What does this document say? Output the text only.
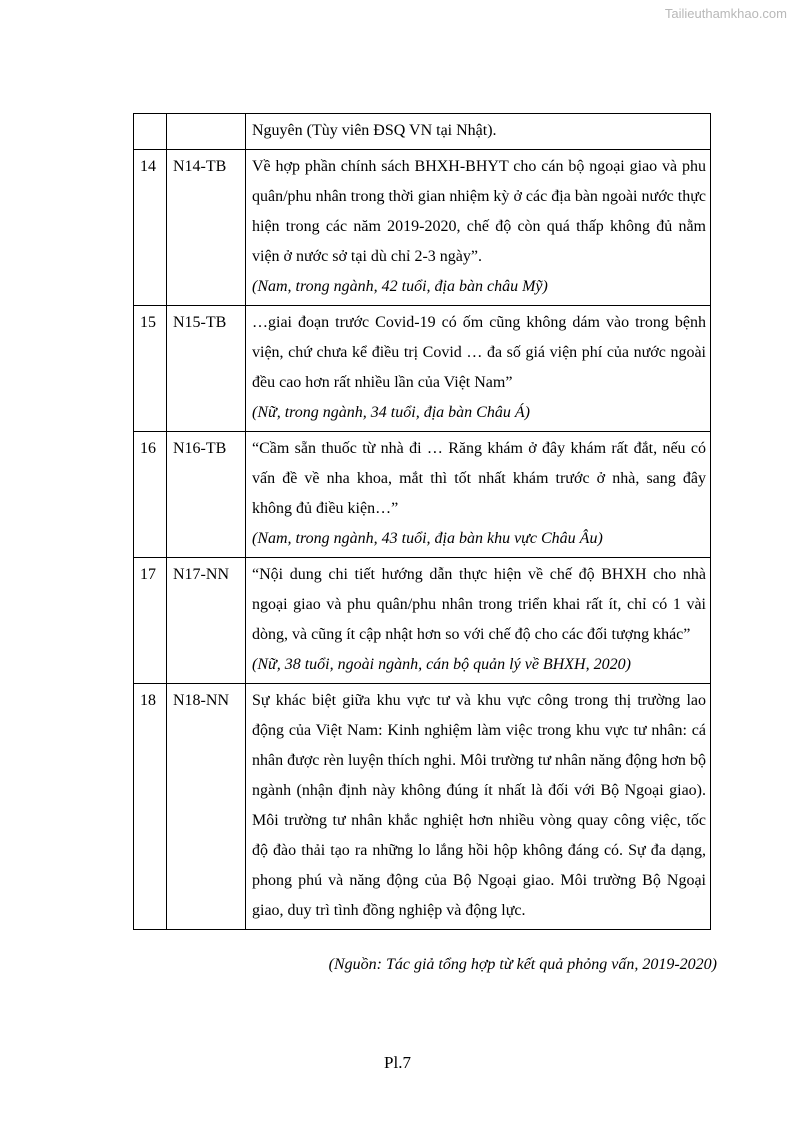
Tailieuthamkhao.com

		Nguyên (Tùy viên ĐSQ VN tại Nhật).

14	N14-TB	Về hợp phần chính sách BHXH-BHYT cho cán bộ ngoại giao và phu quân/phu nhân trong thời gian nhiệm kỳ ở các địa bàn ngoài nước thực hiện trong các năm 2019-2020, chế độ còn quá thấp không đủ nằm viện ở nước sở tại dù chỉ 2-3 ngày”.
(Nam, trong ngành, 42 tuổi, địa bàn châu Mỹ)

15	N15-TB	…giai đoạn trước Covid-19 có ốm cũng không dám vào trong bệnh viện, chứ chưa kể điều trị Covid … đa số giá viện phí của nước ngoài đều cao hơn rất nhiều lần của Việt Nam”
(Nữ, trong ngành, 34 tuổi, địa bàn Châu Á)

16	N16-TB	“Cầm sẵn thuốc từ nhà đi … Răng khám ở đây khám rất đắt, nếu có vấn đề về nha khoa, mắt thì tốt nhất khám trước ở nhà, sang đây không đủ điều kiện…”
(Nam, trong ngành, 43 tuổi, địa bàn khu vực Châu Âu)

17	N17-NN	“Nội dung chi tiết hướng dẫn thực hiện về chế độ BHXH cho nhà ngoại giao và phu quân/phu nhân trong triển khai rất ít, chỉ có 1 vài dòng, và cũng ít cập nhật hơn so với chế độ cho các đối tượng khác”
(Nữ, 38 tuổi, ngoài ngành, cán bộ quản lý về BHXH, 2020)

18	N18-NN	Sự khác biệt giữa khu vực tư và khu vực công trong thị trường lao động của Việt Nam: Kinh nghiệm làm việc trong khu vực tư nhân: cá nhân được rèn luyện thích nghi. Môi trường tư nhân năng động hơn bộ ngành (nhận định này không đúng ít nhất là đối với Bộ Ngoại giao). Môi trường tư nhân khắc nghiệt hơn nhiều vòng quay công việc, tốc độ đào thải tạo ra những lo lắng hồi hộp không đáng có. Sự đa dạng, phong phú và năng động của Bộ Ngoại giao. Môi trường Bộ Ngoại giao, duy trì tình đồng nghiệp và động lực.
(Nguồn: Tác giả tổng hợp từ kết quả phỏng vấn, 2019-2020)
Pl.7
